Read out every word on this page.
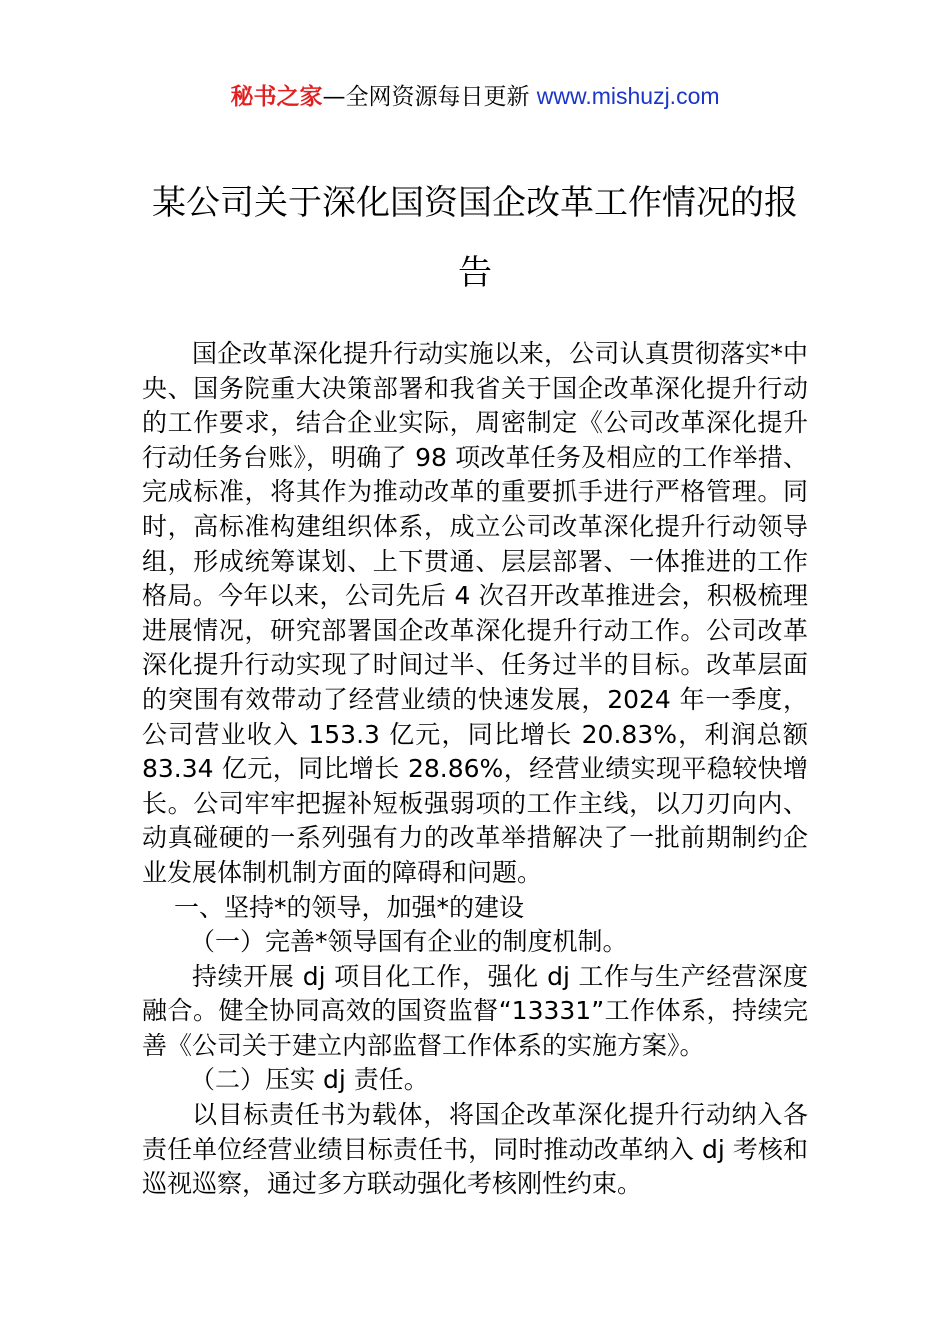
秘书之家—全网资源每日更新 www.mishuzj.com
某公司关于深化国资国企改革工作情况的报告

国企改革深化提升行动实施以来，公司认真贯彻落实*中央、国务院重大决策部署和我省关于国企改革深化提升行动的工作要求，结合企业实际，周密制定《公司改革深化提升行动任务台账》，明确了 98 项改革任务及相应的工作举措、完成标准，将其作为推动改革的重要抓手进行严格管理。同时，高标准构建组织体系，成立公司改革深化提升行动领导组，形成统筹谋划、上下贯通、层层部署、一体推进的工作格局。今年以来，公司先后 4 次召开改革推进会，积极梳理进展情况，研究部署国企改革深化提升行动工作。公司改革深化提升行动实现了时间过半、任务过半的目标。改革层面的突围有效带动了经营业绩的快速发展，2024 年一季度，公司营业收入 153.3 亿元，同比增长 20.83%，利润总额 83.34 亿元，同比增长 28.86%，经营业绩实现平稳较快增长。公司牢牢把握补短板强弱项的工作主线，以刀刃向内、动真碰硬的一系列强有力的改革举措解决了一批前期制约企业发展体制机制方面的障碍和问题。

一、坚持*的领导，加强*的建设

（一）完善*领导国有企业的制度机制。

持续开展 dj 项目化工作，强化 dj 工作与生产经营深度融合。健全协同高效的国资监督“13331”工作体系，持续完善《公司关于建立内部监督工作体系的实施方案》。

（二）压实 dj 责任。

以目标责任书为载体，将国企改革深化提升行动纳入各责任单位经营业绩目标责任书，同时推动改革纳入 dj 考核和巡视巡察，通过多方联动强化考核刚性约束。
